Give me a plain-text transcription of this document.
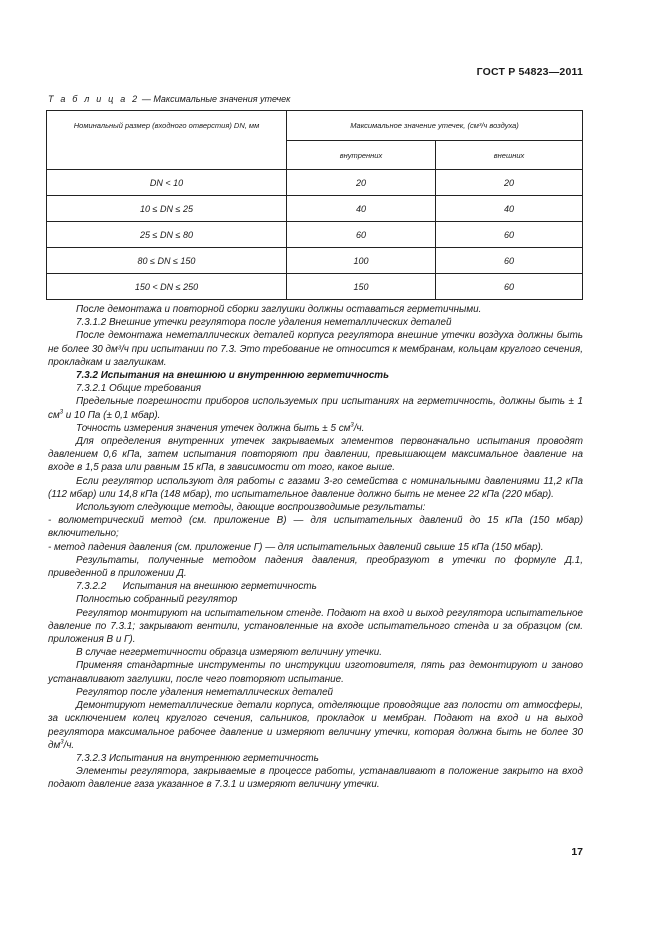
ГОСТ Р 54823—2011
Т а б л и ц а 2 — Максимальные значения утечек
Номинальный размер (входного отверстия) DN, мм	Максимальное значение утечек, (см³/ч воздуха)	
	внутренних	внешних
DN < 10	20	20
10 ≤ DN ≤ 25	40	40
25 ≤ DN ≤ 80	60	60
80 ≤ DN ≤ 150	100	60
150 < DN ≤ 250	150	60

После демонтажа и повторной сборки заглушки должны оставаться герметичными.

7.3.1.2 Внешние утечки регулятора после удаления неметаллических деталей

После демонтажа неметаллических деталей корпуса регулятора внешние утечки воздуха должны быть не более 30 дм³/ч при испытании по 7.3. Это требование не относится к мембранам, кольцам круглого сечения, прокладкам и заглушкам.

7.3.2 Испытания на внешнюю и внутреннюю герметичность

7.3.2.1 Общие требования

Предельные погрешности приборов используемых при испытаниях на герметичность, должны быть ± 1 $см^3$ и 10 Па (± 0,1 мбар).

Точность измерения значения утечек должна быть ± 5 $см^3/ч$.

Для определения внутренних утечек закрываемых элементов первоначально испытания проводят давлением 0,6 кПа, затем испытания повторяют при давлении, превышающем максимальное давление на входе в 1,5 раза или равным 15 кПа, в зависимости от того, какое выше.

Если регулятор используют для работы с газами 3-го семейства с номинальными давлениями 11,2 кПа (112 мбар) или 14,8 кПа (148 мбар), то испытательное давление должно быть не менее 22 кПа (220 мбар).

Используют следующие методы, дающие воспроизводимые результаты:

- волюметрический метод (см. приложение В) — для испытательных давлений до 15 кПа (150 мбар) включительно;

- метод падения давления (см. приложение Г) — для испытательных давлений свыше 15 кПа (150 мбар).

Результаты, полученные методом падения давления, преобразуют в утечки по формуле Д.1, приведенной в приложении Д.

7.3.2.2      Испытания на внешнюю герметичность

Полностью собранный регулятор

Регулятор монтируют на испытательном стенде. Подают на вход и выход регулятора испытательное давление по 7.3.1; закрывают вентили, установленные на входе испытательного стенда и за образцом (см. приложения В и Г).

В случае негерметичности образца измеряют величину утечки.

Применяя стандартные инструменты по инструкции изготовителя, пять раз демонтируют и заново устанавливают заглушки, после чего повторяют испытание.

Регулятор после удаления неметаллических деталей

Демонтируют неметаллические детали корпуса, отделяющие проводящие газ полости от атмосферы, за исключением колец круглого сечения, сальников, прокладок и мембран. Подают на вход и на выход регулятора максимальное рабочее давление и измеряют величину утечки, которая должна быть не более 30 $дм^3/ч$.

7.3.2.3 Испытания на внутреннюю герметичность

Элементы регулятора, закрываемые в процессе работы, устанавливают в положение закрыто на вход подают давление газа указанное в 7.3.1 и измеряют величину утечки.

17
